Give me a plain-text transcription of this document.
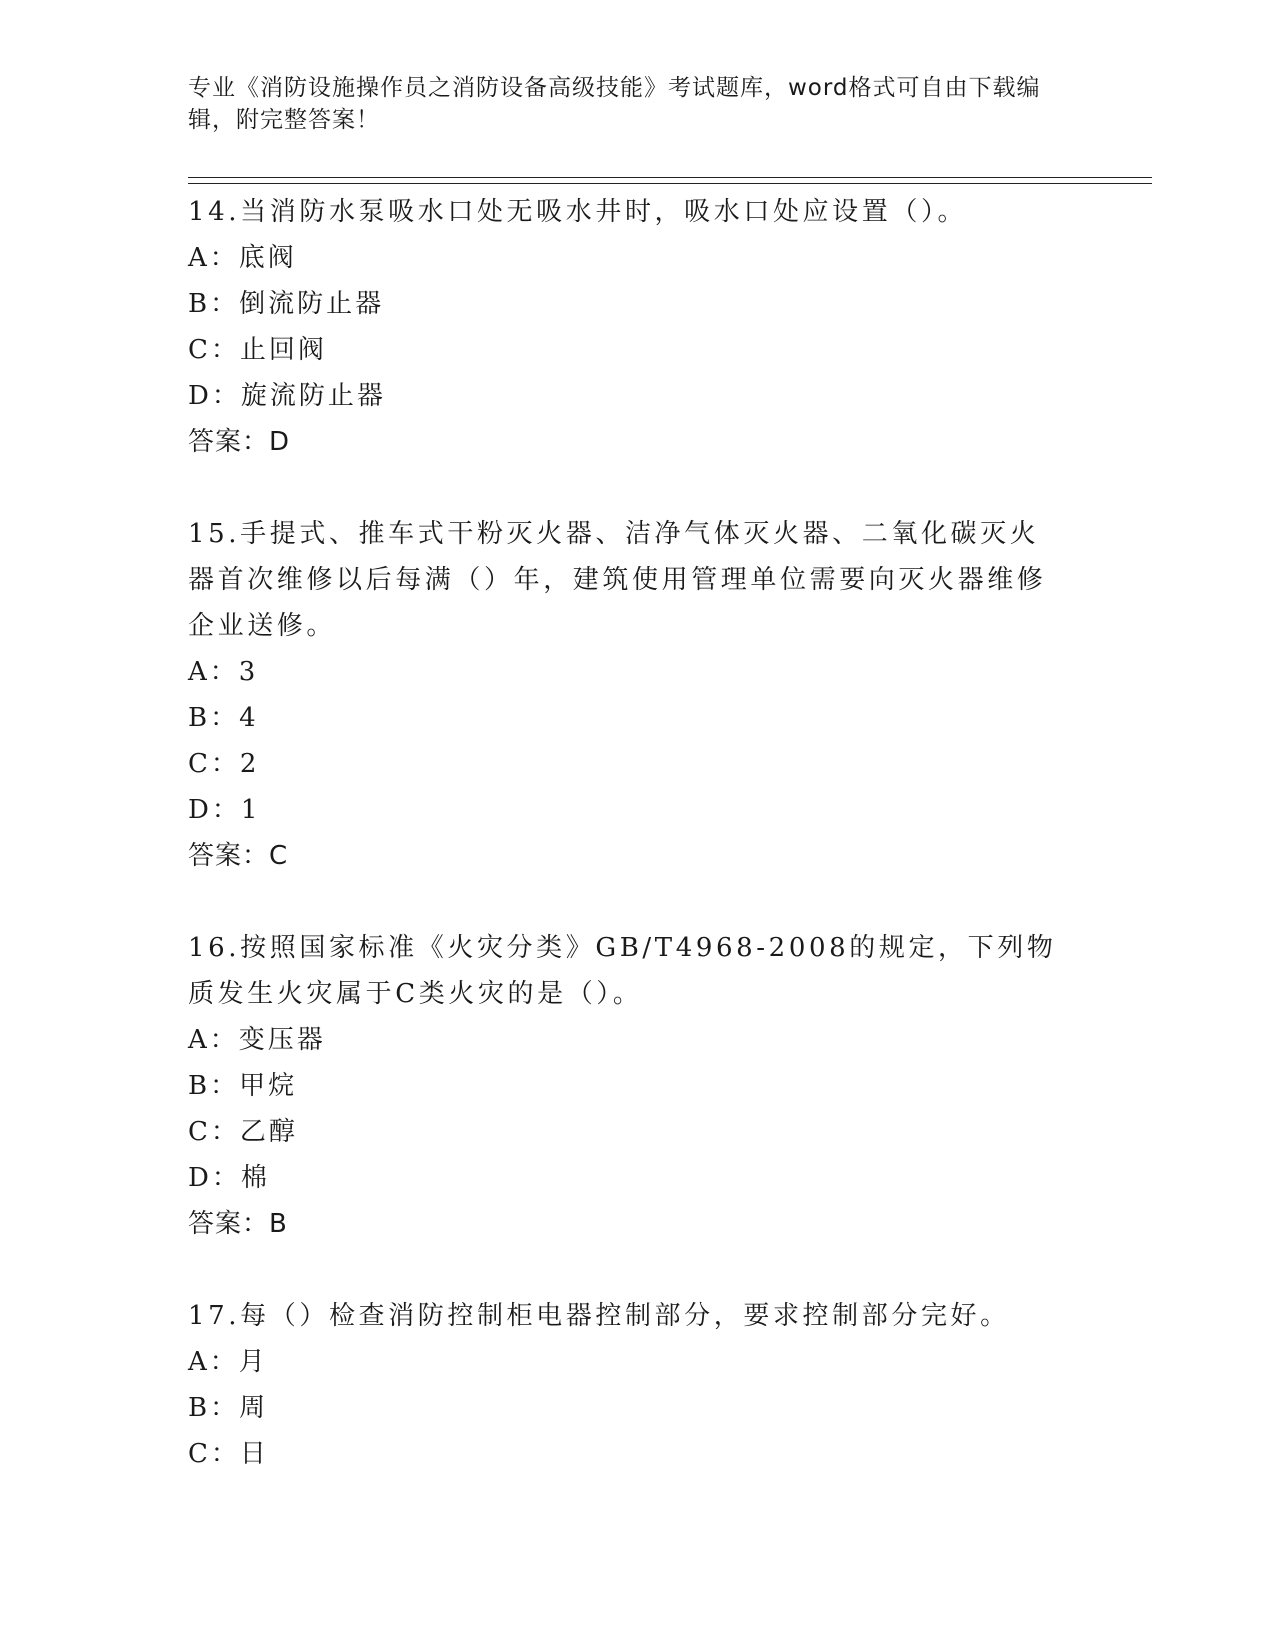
专业《消防设施操作员之消防设备高级技能》考试题库，word格式可自由下载编辑，附完整答案！
14.当消防水泵吸水口处无吸水井时，吸水口处应设置（）。
A：底阀
B：倒流防止器
C：止回阀
D：旋流防止器
答案：D
15.手提式、推车式干粉灭火器、洁净气体灭火器、二氧化碳灭火器首次维修以后每满（）年，建筑使用管理单位需要向灭火器维修企业送修。
A：3
B：4
C：2
D：1
答案：C
16.按照国家标准《火灾分类》GB/T4968-2008的规定，下列物质发生火灾属于C类火灾的是（）。
A：变压器
B：甲烷
C：乙醇
D：棉
答案：B
17.每（）检查消防控制柜电器控制部分，要求控制部分完好。
A：月
B：周
C：日
